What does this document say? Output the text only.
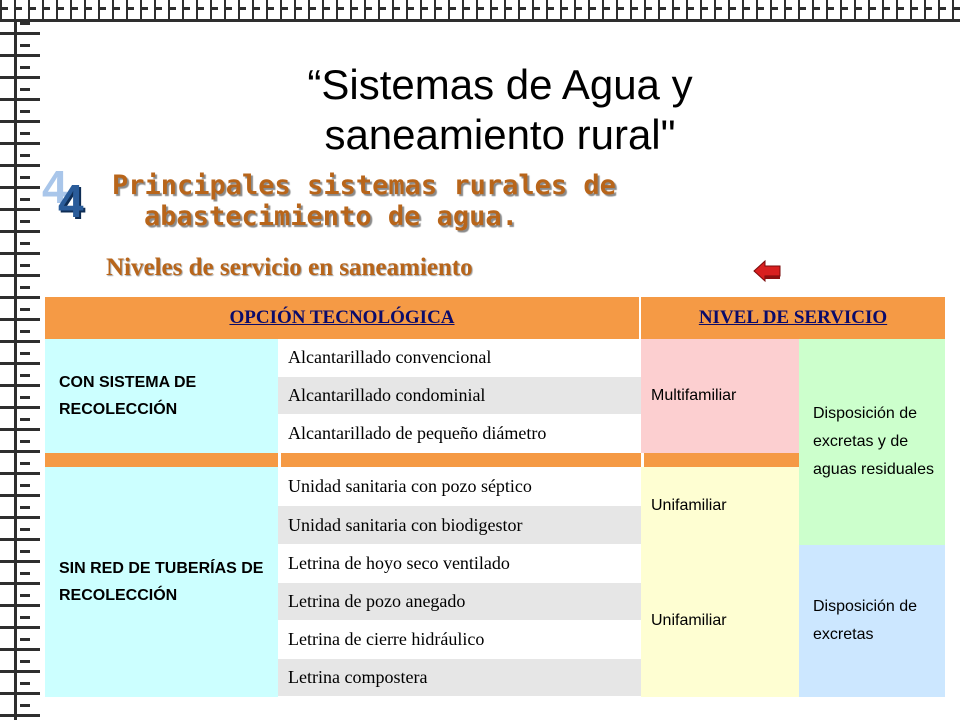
“Sistemas de Agua y
saneamiento rural"
4
4 Principales sistemas rurales de
abastecimiento de agua.
Niveles de servicio en saneamiento
OPCIÓN TECNOLÓGICA	NIVEL DE SERVICIO
CON SISTEMA DE RECOLECCIÓN
Alcantarillado convencional
Alcantarillado condominial
Alcantarillado de pequeño diámetro
Multifamiliar
Disposición de excretas y de aguas residuales
SIN RED DE TUBERÍAS DE RECOLECCIÓN
Unidad sanitaria con pozo séptico
Unidad sanitaria con biodigestor
Letrina de hoyo seco ventilado
Letrina de pozo anegado
Letrina de cierre hidráulico
Letrina compostera
Unifamiliar
Unifamiliar
Disposición de excretas
